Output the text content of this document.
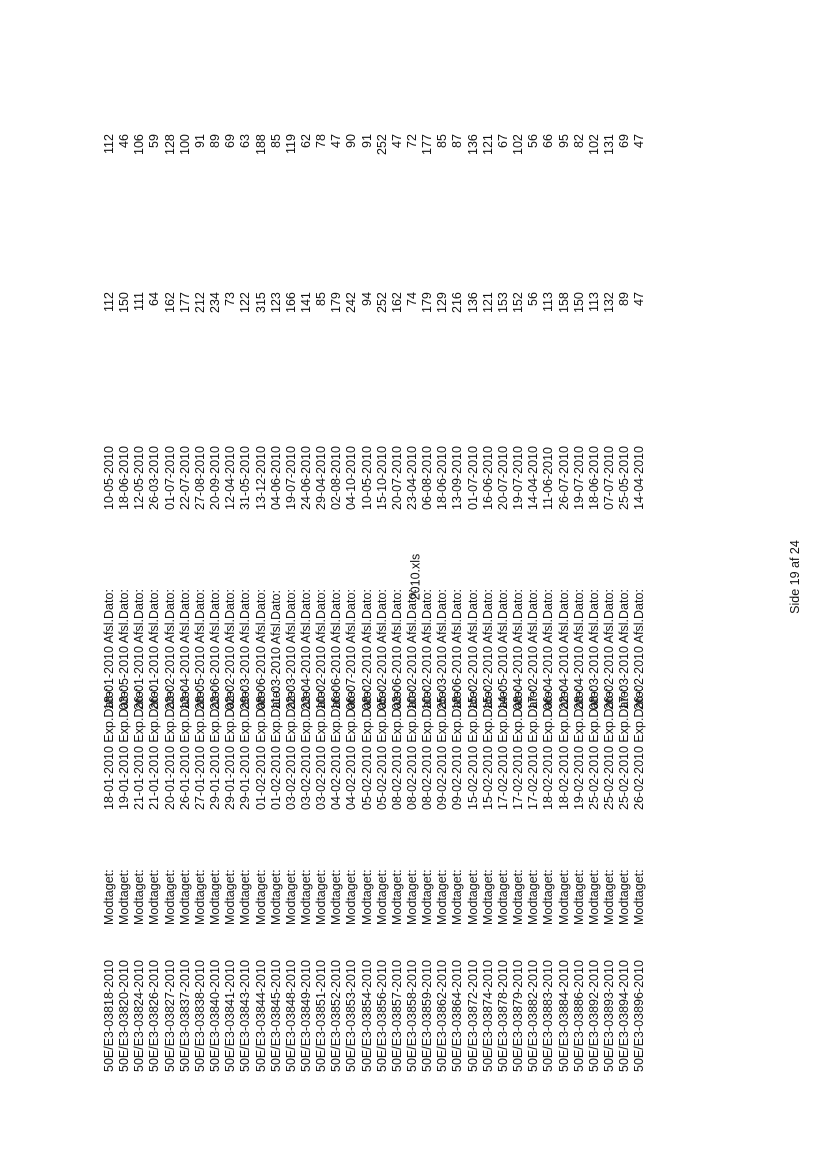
2010.xls	Side 19 af 24
50E/E3-03818-2010
Modtaget:
18-01-2010 Exp.Dato:
18-01-2010 Afsl.Dato:
10-05-2010
112
112
50E/E3-03820-2010
Modtaget:
19-01-2010 Exp.Dato:
03-05-2010 Afsl.Dato:
18-06-2010
150
46
50E/E3-03824-2010
Modtaget:
21-01-2010 Exp.Dato:
26-01-2010 Afsl.Dato:
12-05-2010
111
106
50E/E3-03826-2010
Modtaget:
21-01-2010 Exp.Dato:
26-01-2010 Afsl.Dato:
26-03-2010
64
59
50E/E3-03827-2010
Modtaget:
20-01-2010 Exp.Dato:
23-02-2010 Afsl.Dato:
01-07-2010
162
128
50E/E3-03837-2010
Modtaget:
26-01-2010 Exp.Dato:
13-04-2010 Afsl.Dato:
22-07-2010
177
100
50E/E3-03838-2010
Modtaget:
27-01-2010 Exp.Dato:
28-05-2010 Afsl.Dato:
27-08-2010
212
91
50E/E3-03840-2010
Modtaget:
29-01-2010 Exp.Dato:
23-06-2010 Afsl.Dato:
20-09-2010
234
89
50E/E3-03841-2010
Modtaget:
29-01-2010 Exp.Dato:
02-02-2010 Afsl.Dato:
12-04-2010
73
69
50E/E3-03843-2010
Modtaget:
29-01-2010 Exp.Dato:
29-03-2010 Afsl.Dato:
31-05-2010
122
63
50E/E3-03844-2010
Modtaget:
01-02-2010 Exp.Dato:
08-06-2010 Afsl.Dato:
13-12-2010
315
188
50E/E3-03845-2010
Modtaget:
01-02-2010 Exp.Dato:
11-03-2010 Afsl.Dato:
04-06-2010
123
85
50E/E3-03848-2010
Modtaget:
03-02-2010 Exp.Dato:
22-03-2010 Afsl.Dato:
19-07-2010
166
119
50E/E3-03849-2010
Modtaget:
03-02-2010 Exp.Dato:
23-04-2010 Afsl.Dato:
24-06-2010
141
62
50E/E3-03851-2010
Modtaget:
03-02-2010 Exp.Dato:
10-02-2010 Afsl.Dato:
29-04-2010
85
78
50E/E3-03852-2010
Modtaget:
04-02-2010 Exp.Dato:
16-06-2010 Afsl.Dato:
02-08-2010
179
47
50E/E3-03853-2010
Modtaget:
04-02-2010 Exp.Dato:
06-07-2010 Afsl.Dato:
04-10-2010
242
90
50E/E3-03854-2010
Modtaget:
05-02-2010 Exp.Dato:
08-02-2010 Afsl.Dato:
10-05-2010
94
91
50E/E3-03856-2010
Modtaget:
05-02-2010 Exp.Dato:
05-02-2010 Afsl.Dato:
15-10-2010
252
252
50E/E3-03857-2010
Modtaget:
08-02-2010 Exp.Dato:
03-06-2010 Afsl.Dato:
20-07-2010
162
47
50E/E3-03858-2010
Modtaget:
08-02-2010 Exp.Dato:
10-02-2010 Afsl.Dato:
23-04-2010
74
72
50E/E3-03859-2010
Modtaget:
08-02-2010 Exp.Dato:
10-02-2010 Afsl.Dato:
06-08-2010
179
177
50E/E3-03862-2010
Modtaget:
09-02-2010 Exp.Dato:
25-03-2010 Afsl.Dato:
18-06-2010
129
85
50E/E3-03864-2010
Modtaget:
09-02-2010 Exp.Dato:
18-06-2010 Afsl.Dato:
13-09-2010
216
87
50E/E3-03872-2010
Modtaget:
15-02-2010 Exp.Dato:
15-02-2010 Afsl.Dato:
01-07-2010
136
136
50E/E3-03874-2010
Modtaget:
15-02-2010 Exp.Dato:
15-02-2010 Afsl.Dato:
16-06-2010
121
121
50E/E3-03878-2010
Modtaget:
17-02-2010 Exp.Dato:
14-05-2010 Afsl.Dato:
20-07-2010
153
67
50E/E3-03879-2010
Modtaget:
17-02-2010 Exp.Dato:
08-04-2010 Afsl.Dato:
19-07-2010
152
102
50E/E3-03882-2010
Modtaget:
17-02-2010 Exp.Dato:
17-02-2010 Afsl.Dato:
14-04-2010
56
56
50E/E3-03883-2010
Modtaget:
18-02-2010 Exp.Dato:
06-04-2010 Afsl.Dato:
11-06-2010
113
66
50E/E3-03884-2010
Modtaget:
18-02-2010 Exp.Dato:
22-04-2010 Afsl.Dato:
26-07-2010
158
95
50E/E3-03886-2010
Modtaget:
19-02-2010 Exp.Dato:
28-04-2010 Afsl.Dato:
19-07-2010
150
82
50E/E3-03892-2010
Modtaget:
25-02-2010 Exp.Dato:
08-03-2010 Afsl.Dato:
18-06-2010
113
102
50E/E3-03893-2010
Modtaget:
25-02-2010 Exp.Dato:
26-02-2010 Afsl.Dato:
07-07-2010
132
131
50E/E3-03894-2010
Modtaget:
25-02-2010 Exp.Dato:
17-03-2010 Afsl.Dato:
25-05-2010
89
69
50E/E3-03896-2010
Modtaget:
26-02-2010 Exp.Dato:
26-02-2010 Afsl.Dato:
14-04-2010
47
47
